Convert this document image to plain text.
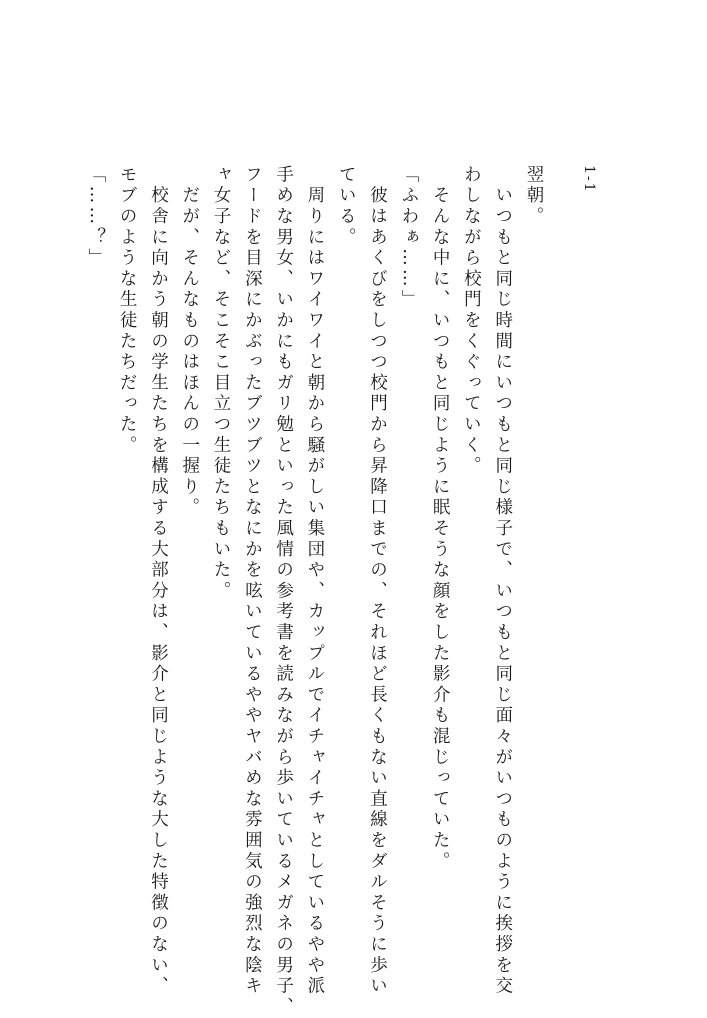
1-1
翌朝。
　いつもと同じ時間にいつもと同じ様子で、いつもと同じ面々がいつものように挨拶を交
わしながら校門をくぐっていく。
　そんな中に、いつもと同じように眠そうな顔をした影介も混じっていた。
「ふわぁ……」
　彼はあくびをしつつ校門から昇降口までの、それほど長くもない直線をダルそうに歩い
ている。
　周りにはワイワイと朝から騒がしい集団や、カップルでイチャイチャとしているやや派
手めな男女、いかにもガリ勉といった風情の参考書を読みながら歩いているメガネの男子、
フードを目深にかぶったブツブツとなにかを呟いているややヤバめな雰囲気の強烈な陰キ
ャ女子など、そこそこ目立つ生徒たちもいた。
　だが、そんなものはほんの一握り。
　校舎に向かう朝の学生たちを構成する大部分は、影介と同じような大した特徴のない、
モブのような生徒たちだった。
「……？」
